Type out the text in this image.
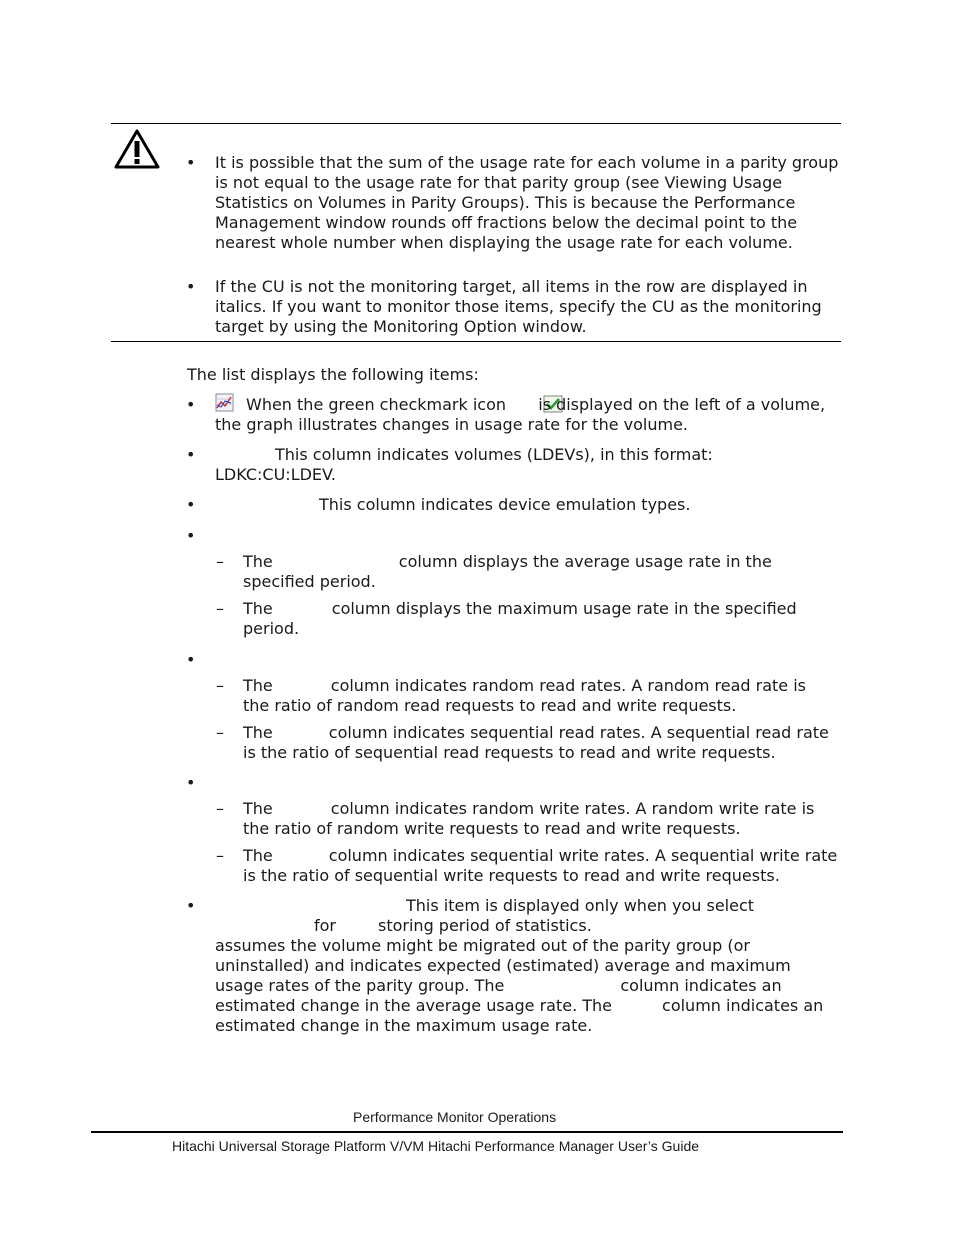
• It is possible that the sum of the usage rate for each volume in a parity group is not equal to the usage rate for that parity group (see Viewing Usage Statistics on Volumes in Parity Groups). This is because the Performance Management window rounds off fractions below the decimal point to the nearest whole number when displaying the usage rate for each volume.
• If the CU is not the monitoring target, all items in the row are displayed in italics. If you want to monitor those items, specify the CU as the monitoring target by using the Monitoring Option window.
The list displays the following items:
•	When the green checkmark icon is displayed on the left of a volume, the graph illustrates changes in usage rate for the volume.
•	This column indicates volumes (LDEVs), in this format: LDKC:CU:LDEV.
•	This column indicates device emulation types.
•
– The	column displays the average usage rate in the specified period.
– The	column displays the maximum usage rate in the specified period.
•
– The	column indicates random read rates. A random read rate is the ratio of random read requests to read and write requests.
– The	column indicates sequential read rates. A sequential read rate is the ratio of sequential read requests to read and write requests.
•
– The	column indicates random write rates. A random write rate is the ratio of random write requests to read and write requests.
– The	column indicates sequential write rates. A sequential write rate is the ratio of sequential write requests to read and write requests.
•	This item is displayed only when you select
for	storing period of statistics.
assumes the volume might be migrated out of the parity group (or uninstalled) and indicates expected (estimated) average and maximum usage rates of the parity group. The	column indicates an estimated change in the average usage rate. The	column indicates an estimated change in the maximum usage rate.
Performance Monitor Operations
Hitachi Universal Storage Platform V/VM Hitachi Performance Manager User’s Guide
